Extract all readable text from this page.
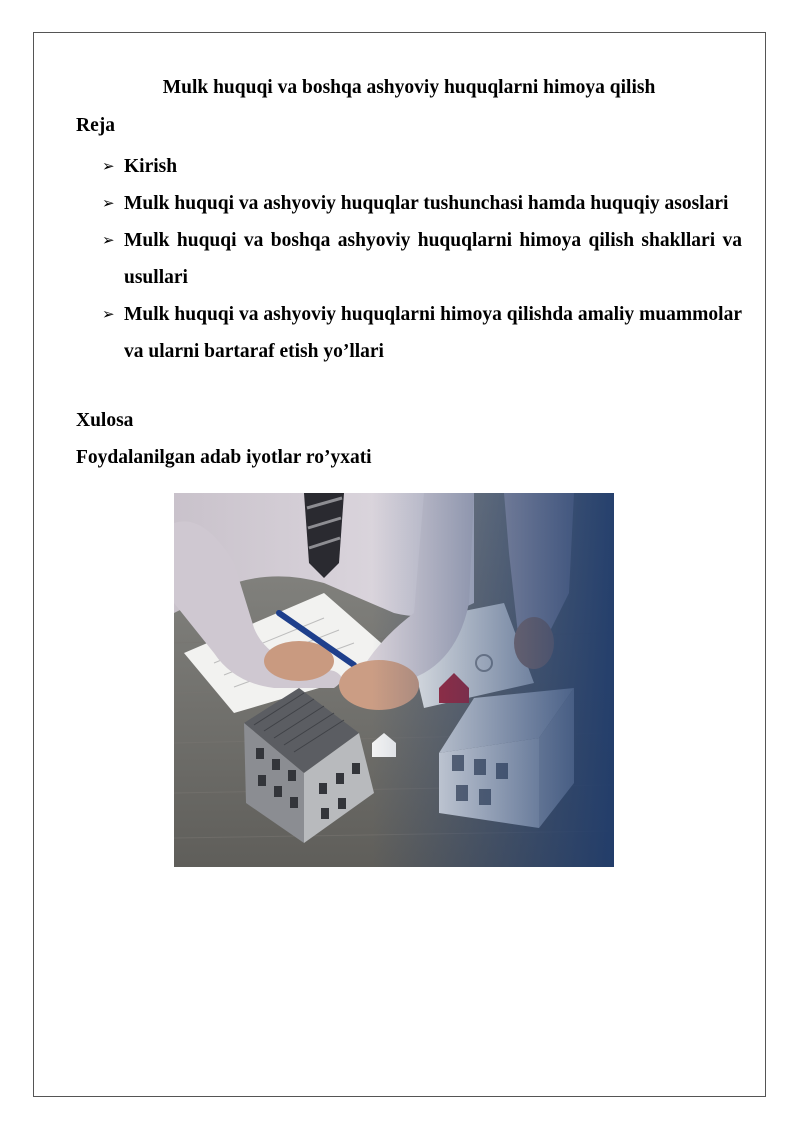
Mulk huquqi va boshqa ashyoviy huquqlarni himoya qilish
Reja
➢ Kirish
➢ Mulk huquqi va ashyoviy huquqlar tushunchasi hamda huquqiy asoslari
➢ Mulk huquqi va boshqa ashyoviy huquqlarni himoya qilish shakllari va usullari
➢ Mulk huquqi va ashyoviy huquqlarni himoya qilishda amaliy muammolar va ularni bartaraf etish yo’llari
Xulosa
Foydalanilgan adab iyotlar ro’yxati
